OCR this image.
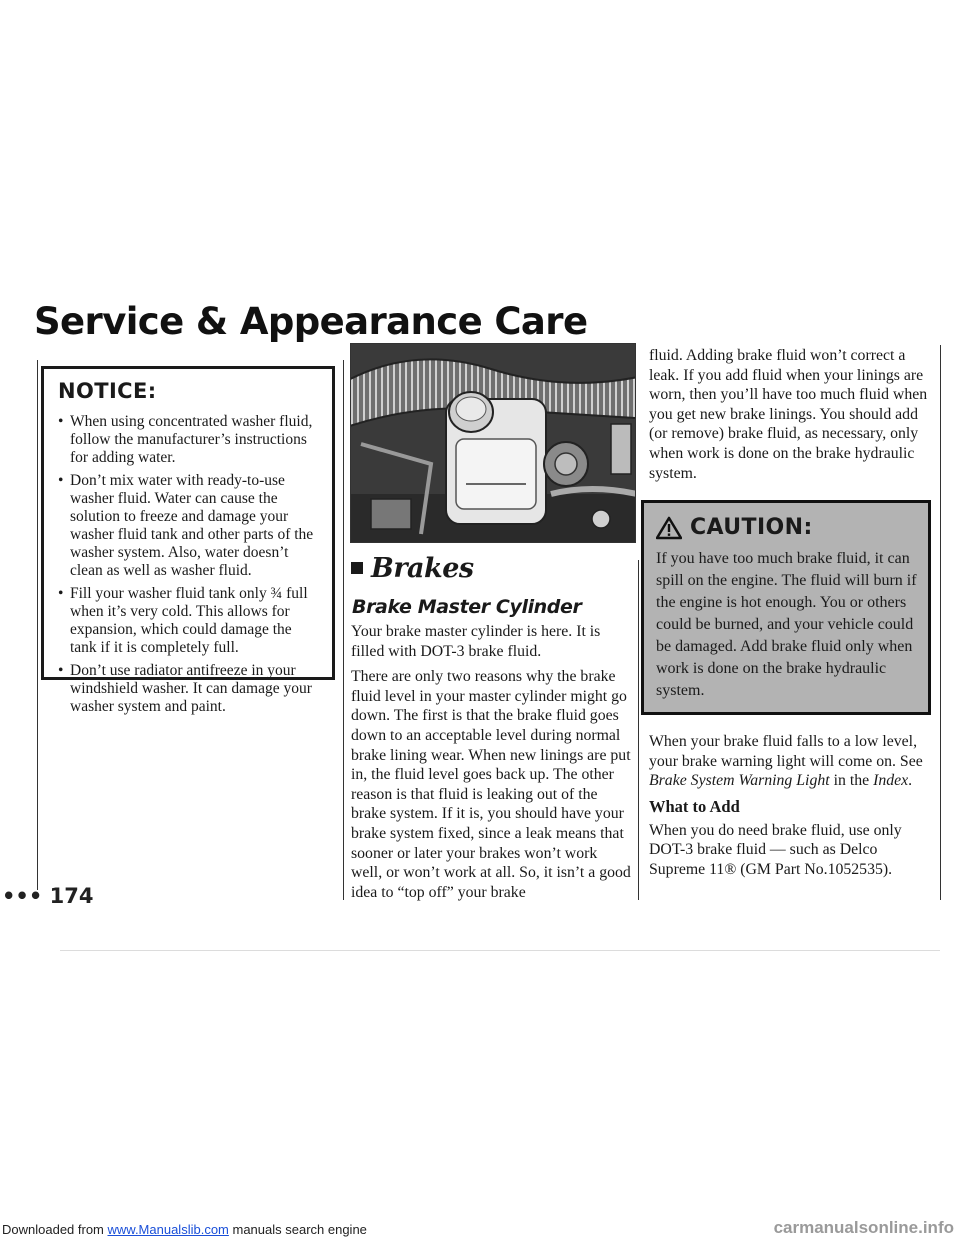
Service & Appearance Care
NOTICE:
• When using concentrated washer fluid, follow the manufacturer’s instructions for adding water.
• Don’t mix water with ready-to-use washer fluid. Water can cause the solution to freeze and damage your washer fluid tank and other parts of the washer system. Also, water doesn’t clean as well as washer fluid.
• Fill your washer fluid tank only ¾ full when it’s very cold. This allows for expansion, which could damage the tank if it is completely full.
• Don’t use radiator antifreeze in your windshield washer. It can damage your washer system and paint.

••• 174

Brakes
Brake Master Cylinder

Your brake master cylinder is here. It is filled with DOT-3 brake fluid.

There are only two reasons why the brake fluid level in your master cylinder might go down. The first is that the brake fluid goes down to an acceptable level during normal brake lining wear. When new linings are put in, the fluid level goes back up. The other reason is that fluid is leaking out of the brake system. If it is, you should have your brake system fixed, since a leak means that sooner or later your brakes won’t work well, or won’t work at all. So, it isn’t a good idea to “top off” your brake

fluid. Adding brake fluid won’t correct a leak. If you add fluid when your linings are worn, then you’ll have too much fluid when you get new brake linings. You should add (or remove) brake fluid, as necessary, only when work is done on the brake hydraulic system.

CAUTION:

If you have too much brake fluid, it can spill on the engine. The fluid will burn if the engine is hot enough. You or others could be burned, and your vehicle could be damaged. Add brake fluid only when work is done on the brake hydraulic system.

When your brake fluid falls to a low level, your brake warning light will come on. See Brake System Warning Light in the Index.

What to Add

When you do need brake fluid, use only DOT-3 brake fluid — such as Delco Supreme 11® (GM Part No.1052535).

Downloaded from www.Manualslib.com manuals search engine	carmanualsonline.info
